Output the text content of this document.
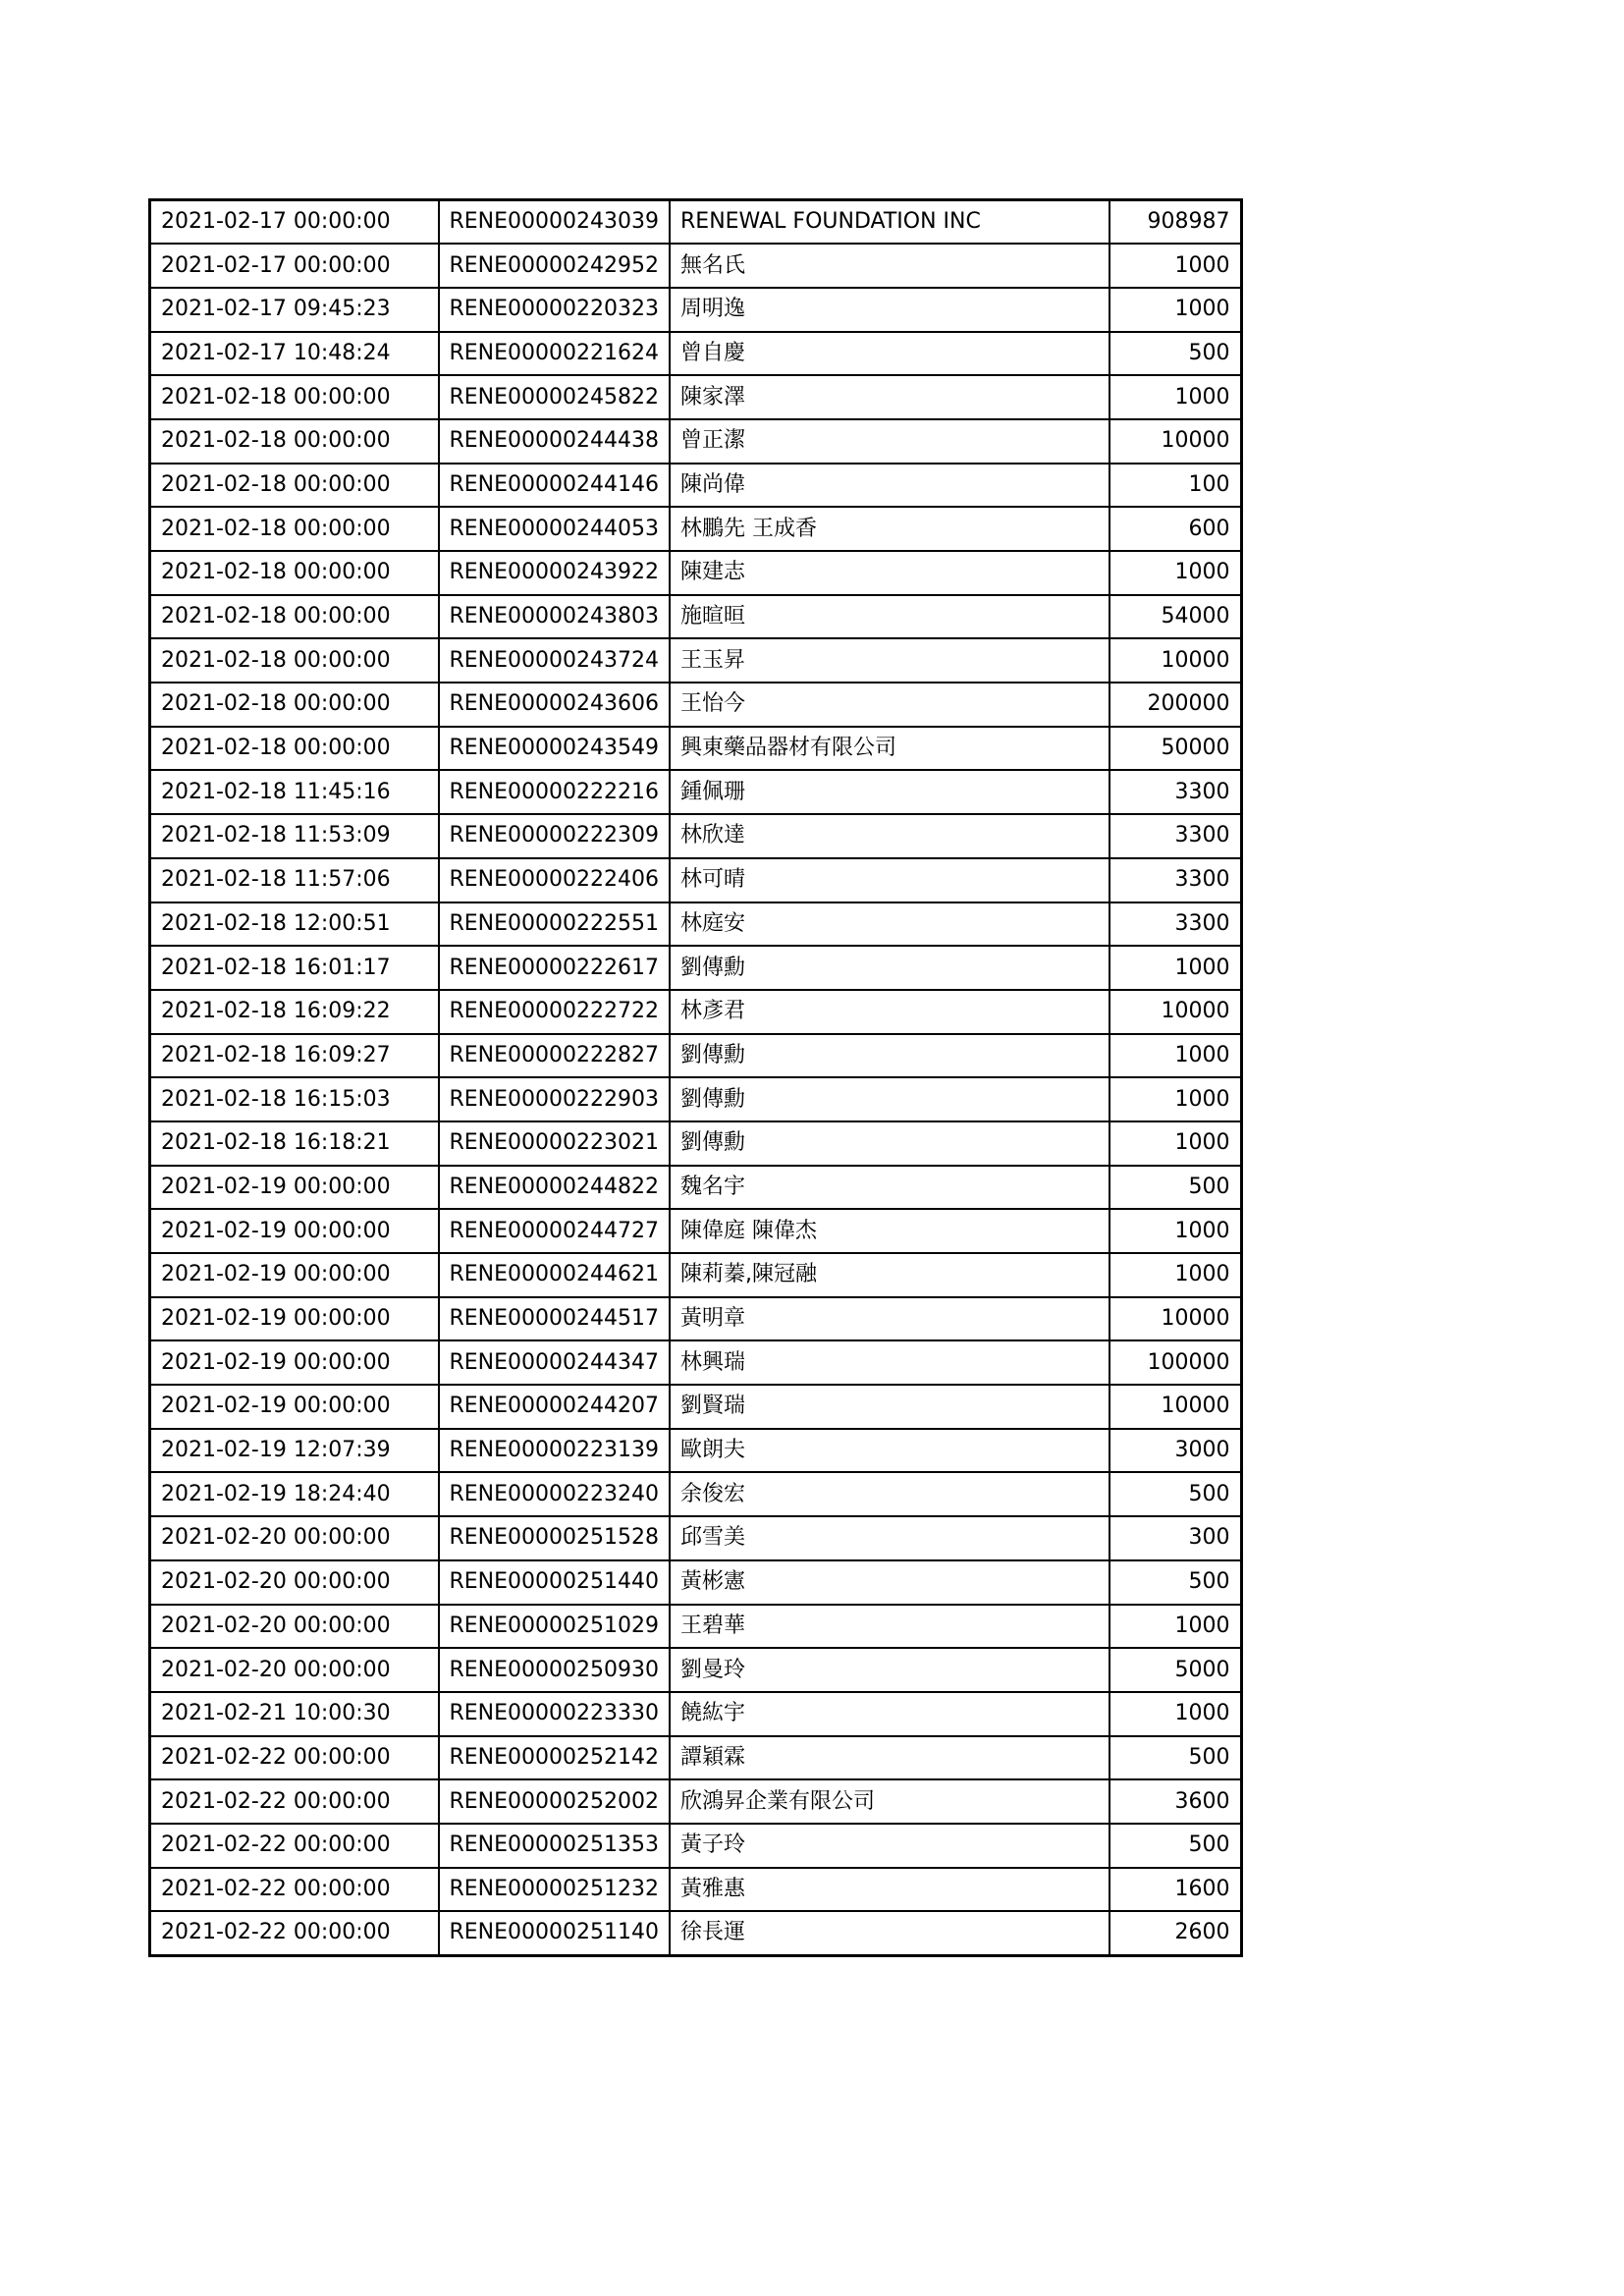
2021-02-17 00:00:00	RENE00000243039	RENEWAL FOUNDATION INC	908987
2021-02-17 00:00:00	RENE00000242952	無名氏	1000
2021-02-17 09:45:23	RENE00000220323	周明逸	1000
2021-02-17 10:48:24	RENE00000221624	曾自慶	500
2021-02-18 00:00:00	RENE00000245822	陳家澤	1000
2021-02-18 00:00:00	RENE00000244438	曾正潔	10000
2021-02-18 00:00:00	RENE00000244146	陳尚偉	100
2021-02-18 00:00:00	RENE00000244053	林鵬先 王成香	600
2021-02-18 00:00:00	RENE00000243922	陳建志	1000
2021-02-18 00:00:00	RENE00000243803	施暄晅	54000
2021-02-18 00:00:00	RENE00000243724	王玉昇	10000
2021-02-18 00:00:00	RENE00000243606	王怡今	200000
2021-02-18 00:00:00	RENE00000243549	興東藥品器材有限公司	50000
2021-02-18 11:45:16	RENE00000222216	鍾佩珊	3300
2021-02-18 11:53:09	RENE00000222309	林欣達	3300
2021-02-18 11:57:06	RENE00000222406	林可晴	3300
2021-02-18 12:00:51	RENE00000222551	林庭安	3300
2021-02-18 16:01:17	RENE00000222617	劉傳勳	1000
2021-02-18 16:09:22	RENE00000222722	林彥君	10000
2021-02-18 16:09:27	RENE00000222827	劉傳勳	1000
2021-02-18 16:15:03	RENE00000222903	劉傳勳	1000
2021-02-18 16:18:21	RENE00000223021	劉傳勳	1000
2021-02-19 00:00:00	RENE00000244822	魏名宇	500
2021-02-19 00:00:00	RENE00000244727	陳偉庭 陳偉杰	1000
2021-02-19 00:00:00	RENE00000244621	陳莉蓁,陳冠融	1000
2021-02-19 00:00:00	RENE00000244517	黃明章	10000
2021-02-19 00:00:00	RENE00000244347	林興瑞	100000
2021-02-19 00:00:00	RENE00000244207	劉賢瑞	10000
2021-02-19 12:07:39	RENE00000223139	歐朗夫	3000
2021-02-19 18:24:40	RENE00000223240	余俊宏	500
2021-02-20 00:00:00	RENE00000251528	邱雪美	300
2021-02-20 00:00:00	RENE00000251440	黃彬憲	500
2021-02-20 00:00:00	RENE00000251029	王碧華	1000
2021-02-20 00:00:00	RENE00000250930	劉曼玲	5000
2021-02-21 10:00:30	RENE00000223330	饒紘宇	1000
2021-02-22 00:00:00	RENE00000252142	譚穎霖	500
2021-02-22 00:00:00	RENE00000252002	欣鴻昇企業有限公司	3600
2021-02-22 00:00:00	RENE00000251353	黃子玲	500
2021-02-22 00:00:00	RENE00000251232	黃雅惠	1600
2021-02-22 00:00:00	RENE00000251140	徐長運	2600
